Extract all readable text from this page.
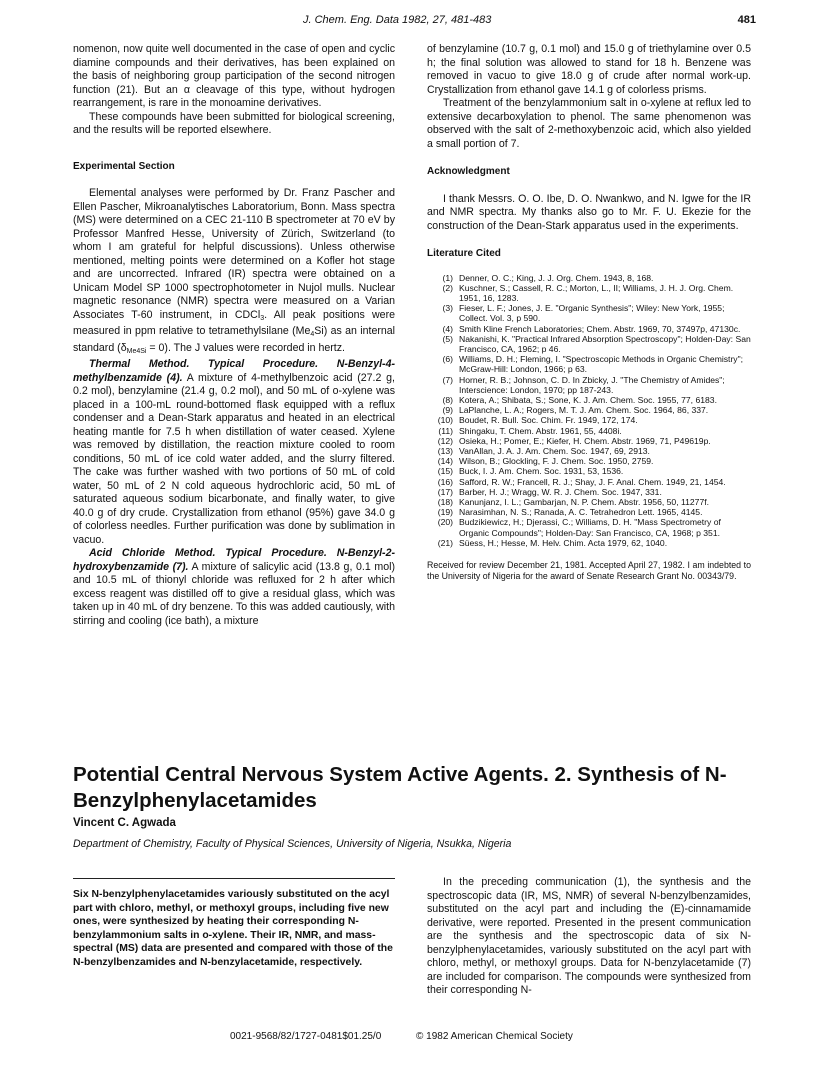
J. Chem. Eng. Data 1982, 27, 481-483	481

nomenon, now quite well documented in the case of open and cyclic diamine compounds and their derivatives, has been explained on the basis of neighboring group participation of the second nitrogen function (21). But an α cleavage of this type, without hydrogen rearrangement, is rare in the monoamine derivatives.

These compounds have been submitted for biological screening, and the results will be reported elsewhere.

Experimental Section

Elemental analyses were performed by Dr. Franz Pascher and Ellen Pascher, Mikroanalytisches Laboratorium, Bonn. Mass spectra (MS) were determined on a CEC 21-110 B spectrometer at 70 eV by Professor Manfred Hesse, University of Zürich, Switzerland (to whom I am grateful for helpful discussions). Unless otherwise mentioned, melting points were determined on a Kofler hot stage and are uncorrected. Infrared (IR) spectra were obtained on a Unicam Model SP 1000 spectrophotometer in Nujol mulls. Nuclear magnetic resonance (NMR) spectra were measured on a Varian Associates T-60 instrument, in CDCl$_3$. All peak positions were measured in ppm relative to tetramethylsilane $(Me_4Si)$ as an internal standard $(\delta_{Me4Si} = 0)$. The J values were recorded in hertz.

Thermal Method. Typical Procedure. N-Benzyl-4-methylbenzamide (4). A mixture of 4-methylbenzoic acid (27.2 g, 0.2 mol), benzylamine (21.4 g, 0.2 mol), and 50 mL of o-xylene was placed in a 100-mL round-bottomed flask equipped with a reflux condenser and a Dean-Stark apparatus and heated in an electrical heating mantle for 7.5 h when distillation of water ceased. Xylene was removed by distillation, the reaction mixture cooled to room conditions, 50 mL of ice cold water added, and the slurry filtered. The cake was further washed with two portions of 50 mL of cold water, 50 mL of 2 N cold aqueous hydrochloric acid, 50 mL of saturated aqueous sodium bicarbonate, and finally water, to give 40.0 g of dry crude. Crystallization from ethanol (95%) gave 34.0 g of colorless needles. Further purification was done by sublimation in vacuo.

Acid Chloride Method. Typical Procedure. N-Benzyl-2-hydroxybenzamide (7). A mixture of salicylic acid (13.8 g, 0.1 mol) and 10.5 mL of thionyl chloride was refluxed for 2 h after which excess reagent was distilled off to give a residual glass, which was taken up in 40 mL of dry benzene. To this was added cautiously, with stirring and cooling (ice bath), a mixture

of benzylamine (10.7 g, 0.1 mol) and 15.0 g of triethylamine over 0.5 h; the final solution was allowed to stand for 18 h. Benzene was removed in vacuo to give 18.0 g of crude after normal work-up. Crystallization from ethanol gave 14.1 g of colorless prisms.

Treatment of the benzylammonium salt in o-xylene at reflux led to extensive decarboxylation to phenol. The same phenomenon was observed with the salt of 2-methoxybenzoic acid, which also yielded a small portion of 7.

Acknowledgment

I thank Messrs. O. O. Ibe, D. O. Nwankwo, and N. Igwe for the IR and NMR spectra. My thanks also go to Mr. F. U. Ekezie for the construction of the Dean-Stark apparatus used in the experiments.

Literature Cited

(1) Denner, O. C.; King, J. J. Org. Chem. 1943, 8, 168.
(2) Kuschner, S.; Cassell, R. C.; Morton, L., II; Williams, J. H. J. Org. Chem. 1951, 16, 1283.
(3) Fieser, L. F.; Jones, J. E. "Organic Synthesis"; Wiley: New York, 1955; Collect. Vol. 3, p 590.
(4) Smith Kline French Laboratories; Chem. Abstr. 1969, 70, 37497p, 47130c.
(5) Nakanishi, K. "Practical Infrared Absorption Spectroscopy"; Holden-Day: San Francisco, CA, 1962; p 46.
(6) Williams, D. H.; Fleming, I. "Spectroscopic Methods in Organic Chemistry"; McGraw-Hill: London, 1966; p 63.
(7) Horner, R. B.; Johnson, C. D. In Zbicky, J. "The Chemistry of Amides"; Interscience: London, 1970; pp 187-243.
(8) Kotera, A.; Shibata, S.; Sone, K. J. Am. Chem. Soc. 1955, 77, 6183.
(9) LaPlanche, L. A.; Rogers, M. T. J. Am. Chem. Soc. 1964, 86, 337.
(10) Boudet, R. Bull. Soc. Chim. Fr. 1949, 172, 174.
(11) Shingaku, T. Chem. Abstr. 1961, 55, 4408i.
(12) Osieka, H.; Pomer, E.; Kiefer, H. Chem. Abstr. 1969, 71, P49619p.
(13) VanAllan, J. A. J. Am. Chem. Soc. 1947, 69, 2913.
(14) Wilson, B.; Glockling, F. J. Chem. Soc. 1950, 2759.
(15) Buck, I. J. Am. Chem. Soc. 1931, 53, 1536.
(16) Safford, R. W.; Francell, R. J.; Shay, J. F. Anal. Chem. 1949, 21, 1454.
(17) Barber, H. J.; Wragg, W. R. J. Chem. Soc. 1947, 331.
(18) Kanunjanz, I. L.; Gambarjan, N. P. Chem. Abstr. 1956, 50, 11277f.
(19) Narasimhan, N. S.; Ranada, A. C. Tetrahedron Lett. 1965, 4145.
(20) Budzikiewicz, H.; Djerassi, C.; Williams, D. H. "Mass Spectrometry of Organic Compounds"; Holden-Day: San Francisco, CA, 1968; p 351.
(21) Süess, H.; Hesse, M. Helv. Chim. Acta 1979, 62, 1040.

Received for review December 21, 1981. Accepted April 27, 1982. I am indebted to the University of Nigeria for the award of Senate Research Grant No. 00343/79.

Potential Central Nervous System Active Agents. 2. Synthesis of N-Benzylphenylacetamides
Vincent C. Agwada
Department of Chemistry, Faculty of Physical Sciences, University of Nigeria, Nsukka, Nigeria
Six N-benzylphenylacetamides variously substituted on the acyl part with chloro, methyl, or methoxyl groups, including five new ones, were synthesized by heating their corresponding N-benzylammonium salts in o-xylene. Their IR, NMR, and mass-spectral (MS) data are presented and compared with those of the N-benzylbenzamides and N-benzylacetamide, respectively.

In the preceding communication (1), the synthesis and the spectroscopic data (IR, MS, NMR) of several N-benzylbenzamides, substituted on the acyl part and including the (E)-cinnamamide derivative, were reported. Presented in the present communication are the synthesis and the spectroscopic data of six N-benzylphenylacetamides, variously substituted on the acyl part with chloro, methyl, or methoxyl groups. Data for N-benzylacetamide (7) are included for comparison. The compounds were synthesized from their corresponding N-

0021-9568/82/1727-0481$01.25/0	© 1982 American Chemical Society
